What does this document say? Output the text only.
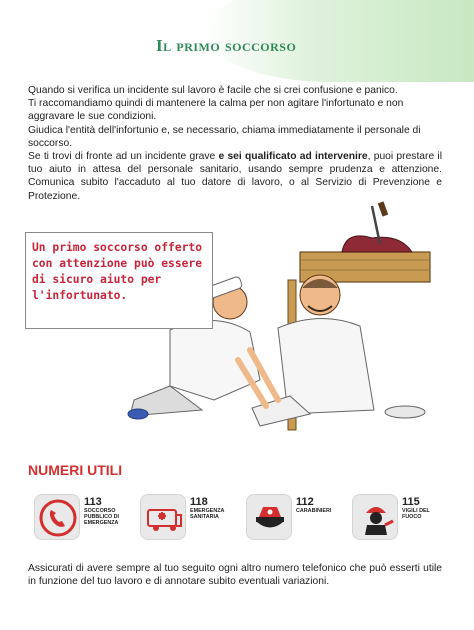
Il primo soccorso

Quando si verifica un incidente sul lavoro è facile che si crei confusione e panico.

Ti raccomandiamo quindi di mantenere la calma per non agitare l'infortunato e non aggravare le sue condizioni.

Giudica l'entità dell'infortunio e, se necessario, chiama immediatamente il personale di soccorso.

Se ti trovi di fronte ad un incidente grave e sei qualificato ad intervenire, puoi prestare il tuo aiuto in attesa del personale sanitario, usando sempre prudenza e attenzione. Comunica subito l'accaduto al tuo datore di lavoro, o al Servizio di Prevenzione e Protezione.

Un primo soccorso offerto con attenzione può essere di sicuro aiuto per l'infortunato.
NUMERI UTILI
113
SOCCORSO PUBBLICO DI EMERGENZA
118
EMERGENZA SANITARIA
112
CARABINIERI
115
VIGILI DEL FUOCO
Assicurati di avere sempre al tuo seguito ogni altro numero telefonico che può esserti utile in funzione del tuo lavoro e di annotare subito eventuali variazioni.
